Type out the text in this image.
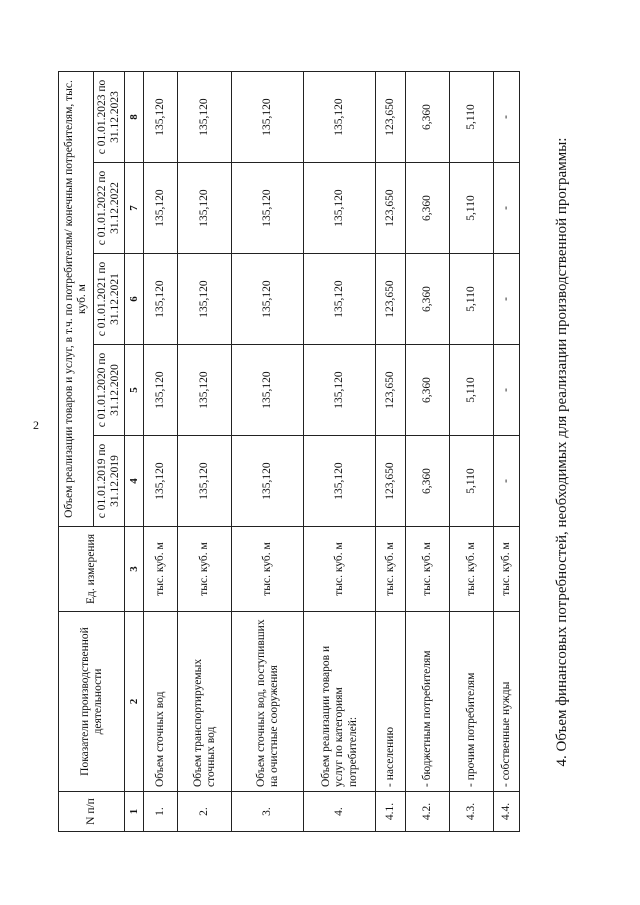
2
N п/п	Показатели производственной деятельности	Ед. измерения	Объем реализации товаров и услуг, в т.ч. по потребителям/ конечным потребителям, тыс. куб. м				
			с 01.01.2019 по 31.12.2019	с 01.01.2020 по 31.12.2020	с 01.01.2021 по 31.12.2021	с 01.01.2022 по 31.12.2022	с 01.01.2023 по 31.12.2023
1	2	3	4	5	6	7	8
1.	Объем сточных вод	тыс. куб. м	135,120	135,120	135,120	135,120	135,120
2.	Объем транспортируемых сточных вод	тыс. куб. м	135,120	135,120	135,120	135,120	135,120
3.	Объем сточных вод, поступивших на очистные сооружения	тыс. куб. м	135,120	135,120	135,120	135,120	135,120
4.	Объем реализации товаров и услуг по категориям потребителей:	тыс. куб. м	135,120	135,120	135,120	135,120	135,120
4.1.	- населению	тыс. куб. м	123,650	123,650	123,650	123,650	123,650
4.2.	- бюджетным потребителям	тыс. куб. м	6,360	6,360	6,360	6,360	6,360
4.3.	- прочим потребителям	тыс. куб. м	5,110	5,110	5,110	5,110	5,110
4.4.	- собственные нужды	тыс. куб. м	-	-	-	-	-
4. Объем финансовых потребностей, необходимых для реализации производственной программы:
